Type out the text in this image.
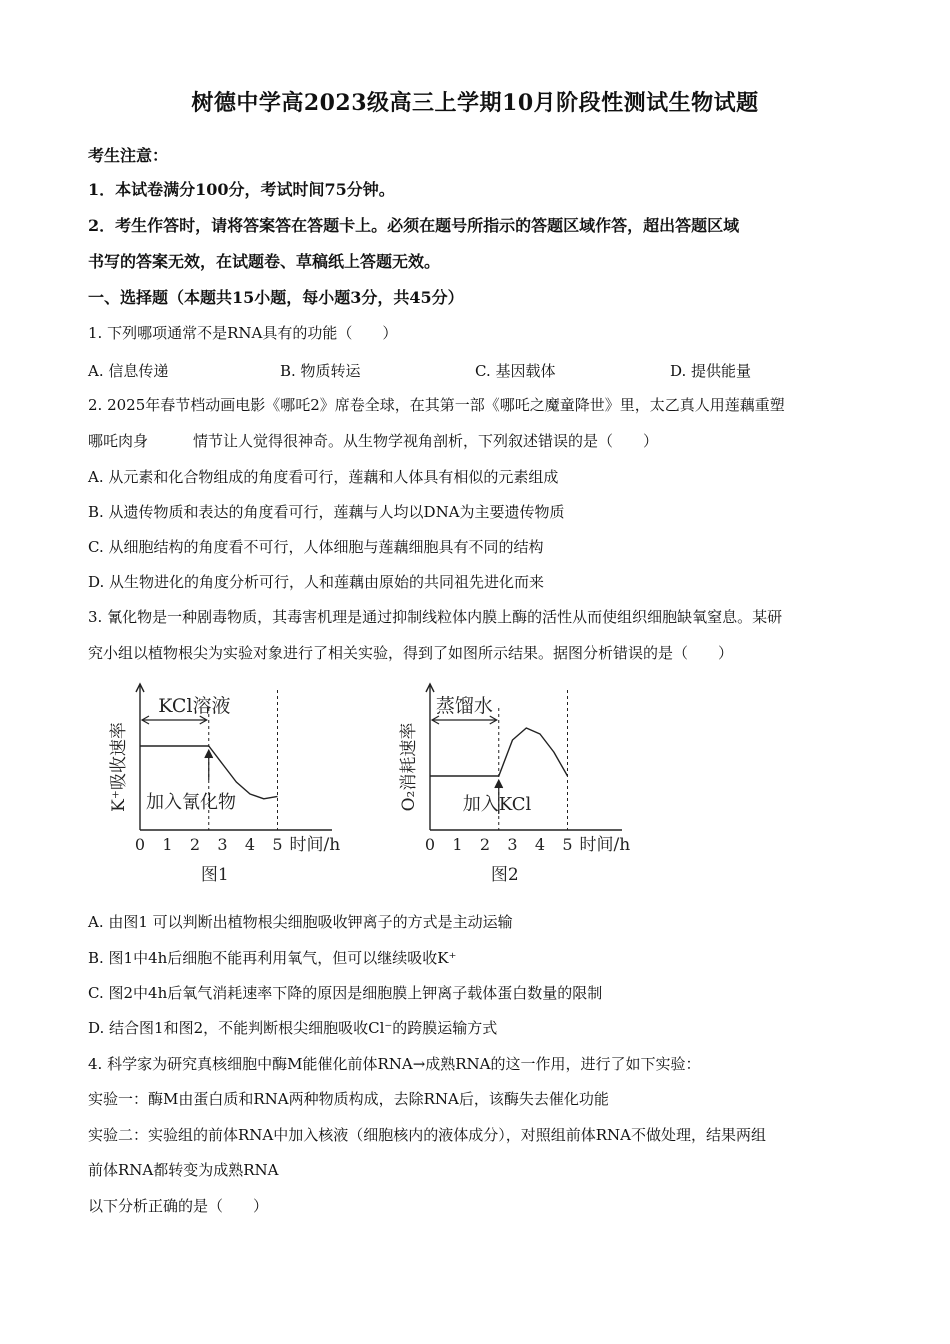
树德中学高2023级高三上学期10月阶段性测试生物试题
考生注意：
1．本试卷满分100分，考试时间75分钟。
2．考生作答时，请将答案答在答题卡上。必须在题号所指示的答题区域作答，超出答题区域
书写的答案无效，在试题卷、草稿纸上答题无效。
一、选择题（本题共15小题，每小题3分，共45分）
1. 下列哪项通常不是RNA具有的功能（　　）
A. 信息传递	B. 物质转运	C. 基因载体	D. 提供能量
2. 2025年春节档动画电影《哪吒2》席卷全球，在其第一部《哪吒之魔童降世》里，太乙真人用莲藕重塑
哪吒肉身　　　情节让人觉得很神奇。从生物学视角剖析，下列叙述错误的是（　　）
A. 从元素和化合物组成的角度看可行，莲藕和人体具有相似的元素组成
B. 从遗传物质和表达的角度看可行，莲藕与人均以DNA为主要遗传物质
C. 从细胞结构的角度看不可行，人体细胞与莲藕细胞具有不同的结构
D. 从生物进化的角度分析可行，人和莲藕由原始的共同祖先进化而来
3. 氰化物是一种剧毒物质，其毒害机理是通过抑制线粒体内膜上酶的活性从而使组织细胞缺氧窒息。某研
究小组以植物根尖为实验对象进行了相关实验，得到了如图所示结果。据图分析错误的是（　　）
K⁺吸收速率
0 1 2 3 4 5 时间/h
KCl溶液
加入氰化物
图1
O₂消耗速率
0 1 2 3 4 5 时间/h
蒸馏水
加入KCl
图2
A. 由图1 可以判断出植物根尖细胞吸收钾离子的方式是主动运输
B. 图1中4h后细胞不能再利用氧气，但可以继续吸收K⁺
C. 图2中4h后氧气消耗速率下降的原因是细胞膜上钾离子载体蛋白数量的限制
D. 结合图1和图2，不能判断根尖细胞吸收Cl⁻的跨膜运输方式
4. 科学家为研究真核细胞中酶M能催化前体RNA→成熟RNA的这一作用，进行了如下实验：
实验一：酶M由蛋白质和RNA两种物质构成，去除RNA后，该酶失去催化功能
实验二：实验组的前体RNA中加入核液（细胞核内的液体成分），对照组前体RNA不做处理，结果两组
前体RNA都转变为成熟RNA
以下分析正确的是（　　）
